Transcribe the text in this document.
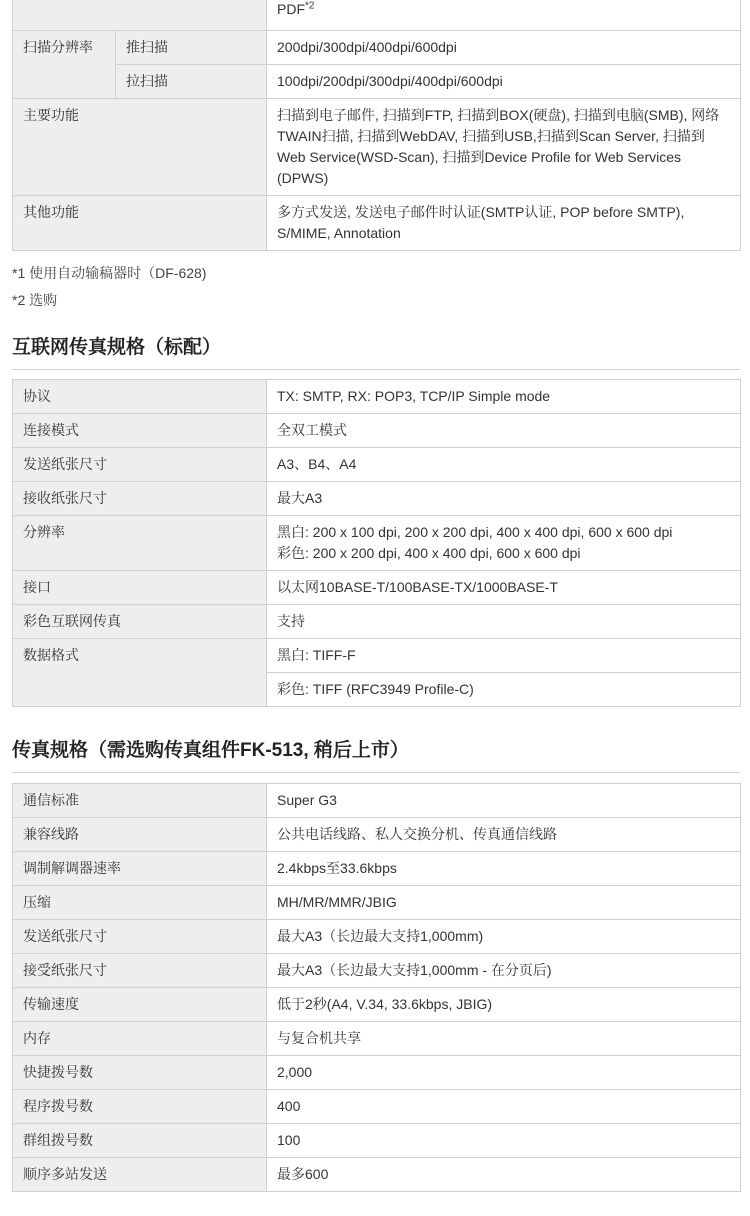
		PDF$^{*2}$
扫描分辨率	推扫描	200dpi/300dpi/400dpi/600dpi
	拉扫描	100dpi/200dpi/300dpi/400dpi/600dpi
主要功能		扫描到电子邮件, 扫描到FTP, 扫描到BOX(硬盘), 扫描到电脑(SMB), 网络TWAIN扫描, 扫描到WebDAV, 扫描到USB,扫描到Scan Server, 扫描到Web Service(WSD-Scan), 扫描到Device Profile for Web Services (DPWS)
其他功能		多方式发送, 发送电子邮件时认证(SMTP认证, POP before SMTP), S/MIME, Annotation
*1 使用自动输稿器时（DF-628)
*2 选购
互联网传真规格（标配）
协议	TX: SMTP, RX: POP3, TCP/IP Simple mode
连接模式	全双工模式
发送纸张尺寸	A3、B4、A4
接收纸张尺寸	最大A3
分辨率	黑白: 200 x 100 dpi, 200 x 200 dpi, 400 x 400 dpi, 600 x 600 dpi
彩色: 200 x 200 dpi, 400 x 400 dpi, 600 x 600 dpi

接口	以太网10BASE-T/100BASE-TX/1000BASE-T
彩色互联网传真	支持
数据格式	黑白: TIFF-F
	彩色: TIFF (RFC3949 Profile-C)
传真规格（需选购传真组件FK-513, 稍后上市）
通信标准	Super G3
兼容线路	公共电话线路、私人交换分机、传真通信线路
调制解调器速率	2.4kbps至33.6kbps
压缩	MH/MR/MMR/JBIG
发送纸张尺寸	最大A3（长边最大支持1,000mm)
接受纸张尺寸	最大A3（长边最大支持1,000mm - 在分页后)
传输速度	低于2秒(A4, V.34, 33.6kbps, JBIG)
内存	与复合机共享
快捷拨号数	2,000
程序拨号数	400
群组拨号数	100
顺序多站发送	最多600
